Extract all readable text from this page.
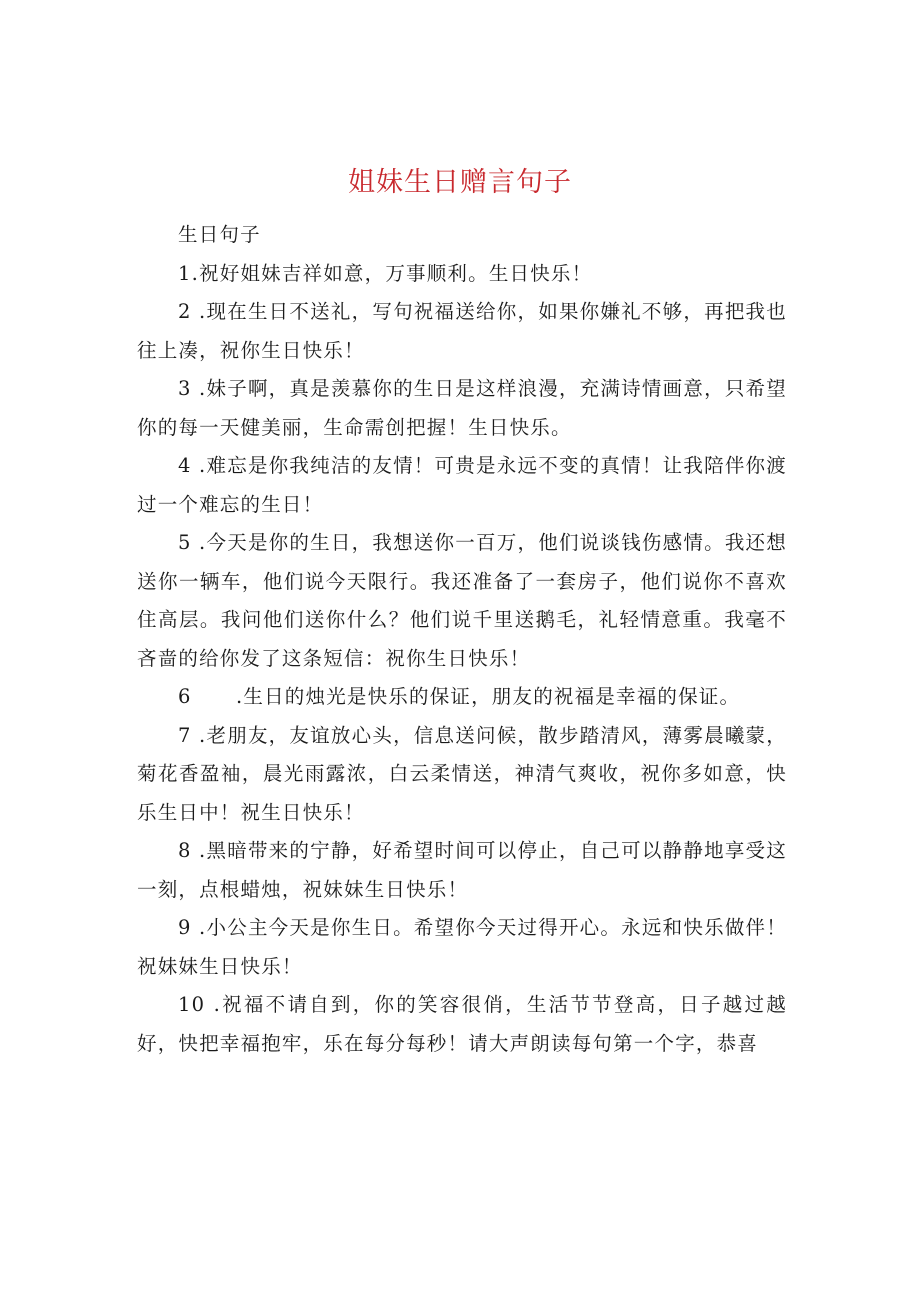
姐妹生日赠言句子

生日句子

1.祝好姐妹吉祥如意，万事顺利。生日快乐！

2 .现在生日不送礼，写句祝福送给你，如果你嫌礼不够，再把我也往上凑，祝你生日快乐！

3 .妹子啊，真是羡慕你的生日是这样浪漫，充满诗情画意，只希望你的每一天健美丽，生命需创把握！生日快乐。

4 .难忘是你我纯洁的友情！可贵是永远不变的真情！让我陪伴你渡过一个难忘的生日！

5 .今天是你的生日，我想送你一百万，他们说谈钱伤感情。我还想送你一辆车，他们说今天限行。我还准备了一套房子，他们说你不喜欢住高层。我问他们送你什么？他们说千里送鹅毛，礼轻情意重。我毫不吝啬的给你发了这条短信：祝你生日快乐！

6 .生日的烛光是快乐的保证，朋友的祝福是幸福的保证。

7 .老朋友，友谊放心头，信息送问候，散步踏清风，薄雾晨曦蒙，菊花香盈袖，晨光雨露浓，白云柔情送，神清气爽收，祝你多如意，快乐生日中！祝生日快乐！

8 .黑暗带来的宁静，好希望时间可以停止，自己可以静静地享受这一刻，点根蜡烛，祝妹妹生日快乐！

9 .小公主今天是你生日。希望你今天过得开心。永远和快乐做伴！祝妹妹生日快乐！

10 .祝福不请自到，你的笑容很俏，生活节节登高，日子越过越好，快把幸福抱牢，乐在每分每秒！请大声朗读每句第一个字，恭喜
